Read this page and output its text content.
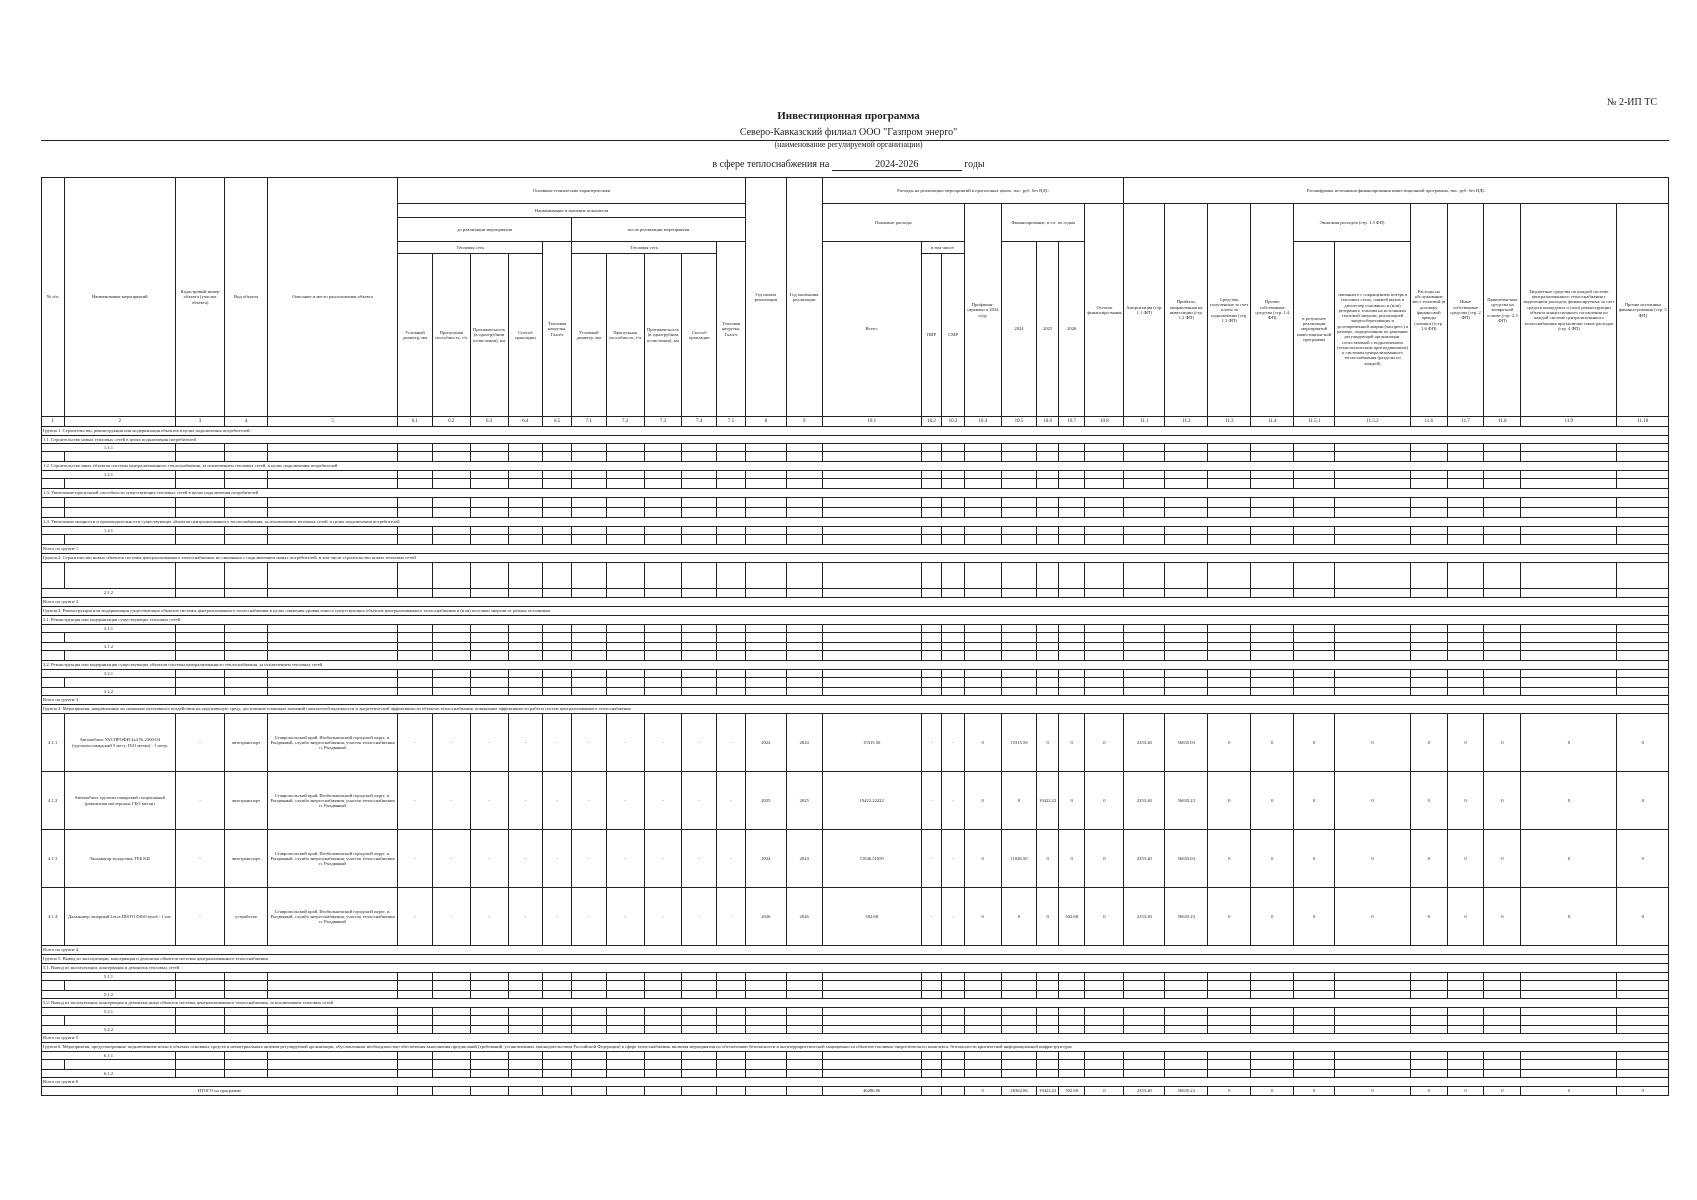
№ 2-ИП ТС
Инвестиционная программа
Северо-Кавказский филиал ООО "Газпром энерго"
(наименование регулируемой организации)
в сфере теплоснабжения на	2024-2026	годы
№ п/п	Наименование мероприятий	Кадастровый номер объекта (участка объекта)	Вид объекта	Описание и место расположения объекта	Основные технические характеристики										Год начала реализации	Год окончания реализации	Расходы на реализацию мероприятий в прогнозных ценах, тыс. руб. без НДС								Расшифровка источников финансирования инвестиционной программы, тыс. руб. без НДС										
					Наименование и значение показателя												Плановые расходы			Профинан-сировано к 2024 году	Финансирование, в т.ч. по годам			Остаток финансиро-вания	Амортизация (стр. 1.1 ФП)	Прибыль, направленная на инвестиции (стр. 1.2 ФП)	Средства, полученные за счет платы за подключение (стр. 1.3 ФП)	Прочие собственные средства (стр. 1.4 ФП)	Экономия расходов (стр. 1.5 ФП)		Расходы на обслуживание мест тепловой (в договору финансовой аренды (лизинга) (стр. 1.6 ФП)	Иные собственные средства (стр. 2 ФП)	Привлечен-ные средства на возвратной основе (стр. 2.3 ФП)	Бюджетные средства по каждой системе централизованного теплоснабжения с выделением расходов, финансируемых за счет средств концедента и (или) реконструкции объекта концессионного соглашения по каждой системе централизованного теплоснабжения при наличии таких расходов (стр. 4 ФП)	Прочие источники финанси-рования (стр. 5 ФП)
					до реализации мероприятия					после реализации мероприятия																									
					Тепловая сеть				Тепловая нагрузка, Гкал/ч	Тепловая сеть				Тепловая нагрузка, Гкал/ч			Всего:	в том числе:			2024	2025	2026						в результате реализации мероприятий инвестицион-ной программы	связанного с сокращением потерь в тепловых сетях, снижей вызов и диспетчер основного и (или) резервного топлива на источниках тепловой энергии, реализацией энергосберегающих и долговременной аварии (экспресс) в размере, определенном по решению регулирующей организации, сопоставимой с подключением (технологическим присоединением) к системам централизованного теплоснабжения (разделы по каждой)					
					Условный диаметр, мм	Пропускная способность, т/ч	Протяжен-ность (в однотрубном исчислении), км	Способ прокладки		Условный диаметр, мм	Пропускная способность, т/ч	Протяжен-ность (в однотрубном исчислении), км	Способ прокладки					ПИР	СМР																
1	2	3	4	5	6.1	6.2	6.3	6.4	6.5	7.1	7.2	7.3	7.4	7.5	8	9	10.1	10.2	10.3	10.4	10.5	10.6	10.7	10.8	11.1	11.2	11.3	11.4	11.5.1	11.5.2	11.6	11.7	11.8	11.9	11.10
Группа 1. Строительство, реконструкция или модернизация объектов в целях подключения потребителей:																																			
1.1. Строительство новых тепловых сетей в целях подключения потребителей																																			
1.1.1																																			

1.2. Строительство иных объектов системы централизованного теплоснабжения, за исключением тепловых сетей, в целях подключения потребителей																																			
1.2.1																																			

1.3. Увеличение пропускной способности существующих тепловых сетей в целях подключения потребителей																																			

1.4. Увеличение мощности и производительности существующих объектов централизованного теплоснабжения, за исключением тепловых сетей, в целях подключения потребителей																																			
1.4.1																																			

Всего по группе 1																																			
Группа 2. Строительство новых объектов системы централизованного теплоснабжения, не связанных с подключением новых потребителей, в том числе строительство новых тепловых сетей																																			

2.1.2																																			
Всего по группе 2																																			
Группа 3. Реконструкция или модернизация существующих объектов системы централизованного теплоснабжения в целях снижения уровня износа существующих объектов централизованного теплоснабжения и (или) поставки энергии от разных источников																																			
3.1. Реконструкция или модернизация существующих тепловых сетей																																			
3.1.1																																			

3.1.2																																			

3.2. Реконструкция или модернизация существующих объектов системы централизованного теплоснабжения, за исключением тепловых сетей																																			
3.2.1																																			

3.2.2																																			
Всего по группе 3																																			
Группа 4. Мероприятия, направленные на снижение негативного воздействия на окружающую среду, достижение плановых значений показателей надежности и энергетической эффективности объектов теплоснабжения, повышение эффективности работы систем централизованного теплоснабжения																																			
4.1.1	Автомобиль УАЗ ПРОФИ 4х4 № 2360-04 (грузопассажирский 5 мест, ГБО метан) - 1 штук	-	автотранспорт	Ставропольский край, Изобильненский городской округ, п. Рыздвяный, служба энергоснабжения, участок теплоснабжения п. Рыздвяный	-	-	-	-	-	-	-	-	-	-	2024	2024	15315.56	-	-	0	15315.56	0	0	0	2353.40	56635.03	0	0	0	0	0	0	0	0	0
4.1.2	Автомобиль грузопассажирский специальный (ремонтная мастерская, ГБО метан)	-	автотранспорт	Ставропольский край, Изобильненский городской округ, п. Рыздвяный, служба энергоснабжения, участок теплоснабжения п. Рыздвяный	-	-	-	-	-	-	-	-	-	-	2025	2025	19422.22222	-	-	0	0	19422.22	0	0	2353.40	56635.23	0	0	0	0	0	0	0	0	0
4.1.3	Экскаватор-погрузчик ТЕБ 845	-	автотранспорт	Ставропольский край, Изобильненский городской округ, п. Рыздвяный, служба энергоснабжения, участок теплоснабжения п. Рыздвяный	-	-	-	-	-	-	-	-	-	-	2024	2024	11046.51059	-	-	0	11046.50	0	0	0	2353.40	56635.03	0	0	0	0	0	0	0	0	0
4.1.4	Дальномер лазерный Leica DISTO D810 touch - 1 шт.	-	устройство	Ставропольский край, Изобильненский городской округ, п. Рыздвяный, служба энергоснабжения, участок теплоснабжения п. Рыздвяный	-	-	-	-	-	-	-	-	-	-	2026	2026	502.68	-	-	0	0	0	502.68	0	2353.40	56635.23	0	0	0	0	0	0	0	0	0
Всего по группе 4																																			
Группа 5. Вывод из эксплуатации, консервация и демонтаж объектов системы централизованного теплоснабжения																																			
5.1. Вывод из эксплуатации, консервация и демонтаж тепловых сетей																																			
5.1.1																																			

5.1.2																																			
5.2. Вывод из эксплуатации, консервация и демонтаж иных объектов системы централизованного теплоснабжения, за исключением тепловых сетей																																			
5.2.1																																			

5.2.2																																			
Всего по группе 5																																			
Группа 6. Мероприятия, предусмотренные подключением и/или в объемах основных средств и нематериальных активов регулируемой организации, обусловленные необходимостью обеспечения выполнения предписаний (требований, установленных законодательством Российской Федерации) в сфере теплоснабжения, включая мероприятия по обеспечению безопасности и антитеррористической защищенности объектов топливно-энергетического комплекса, безопасности критической информационной инфраструктуры																																			
6.1.1																																			

6.1.2																																			
Всего по группе 6																																			
ИТОГО по программе																	46286.96			0	26362.06	19422.22	502.68	0	2353.40	56635.23	0	0	0	0	0	0	0	0	0
